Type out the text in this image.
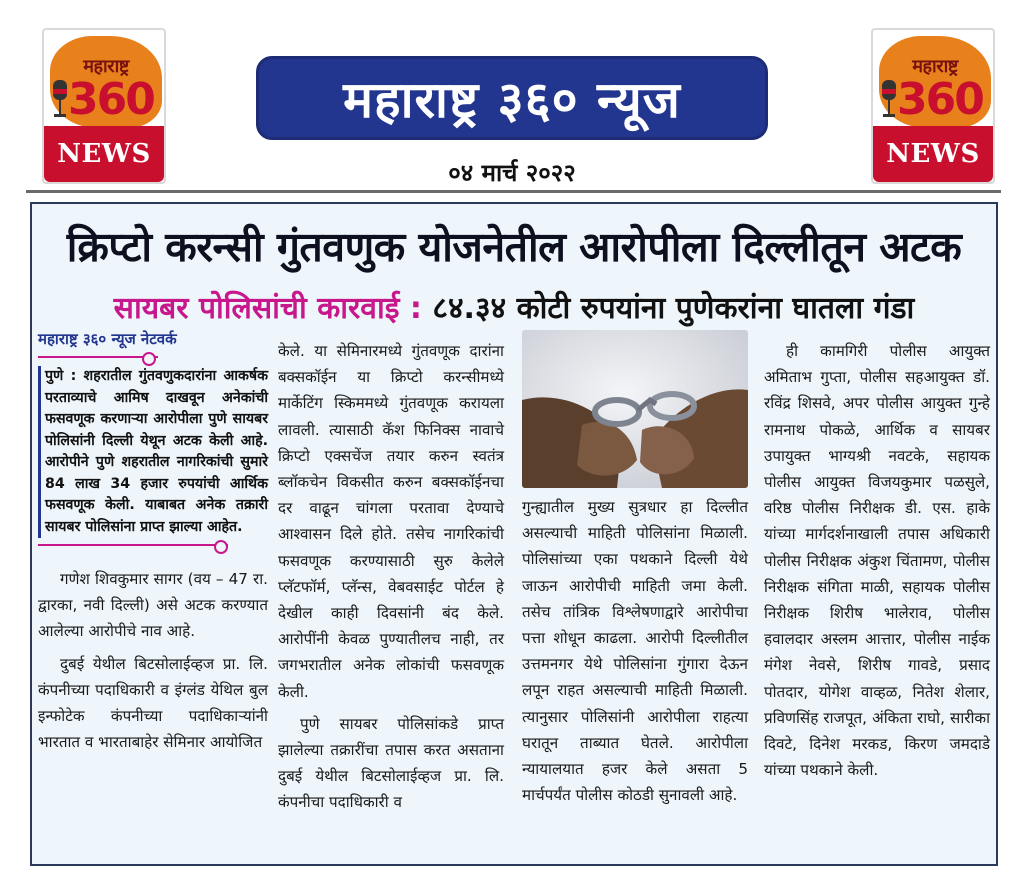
महाराष्ट्र
360
NEWS
महाराष्ट्र ३६० न्यूज
०४ मार्च २०२२
महाराष्ट्र
360
NEWS
क्रिप्टो करन्सी गुंतवणुक योजनेतील आरोपीला दिल्लीतून अटक
सायबर पोलिसांची कारवाई : ८४.३४ कोटी रुपयांना पुणेकरांना घातला गंडा
महाराष्ट्र ३६० न्यूज नेटवर्क

पुणे : शहरातील गुंतवणुकदारांना आकर्षक परताव्याचे आमिष दाखवून अनेकांची फसवणूक करणाऱ्या आरोपीला पुणे सायबर पोलिसांनी दिल्ली येथून अटक केली आहे. आरोपीने पुणे शहरातील नागरिकांची सुमारे 84 लाख 34 हजार रुपयांची आर्थिक फसवणूक केली. याबाबत अनेक तक्रारी सायबर पोलिसांना प्राप्त झाल्या आहेत.

गणेश शिवकुमार सागर (वय – 47 रा. द्वारका, नवी दिल्ली) असे अटक करण्यात आलेल्या आरोपीचे नाव आहे.

दुबई येथील बिटसोलाईव्हज प्रा. लि. कंपनीच्या पदाधिकारी व इंग्लंड येथिल बुल इन्फोटेक कंपनीच्या पदाधिकाऱ्यांनी भारतात व भारताबाहेर सेमिनार आयोजित

केले. या सेमिनारमध्ये गुंतवणूक दारांना बक्सकॉईन या क्रिप्टो करन्सीमध्ये मार्केटिंग स्किममध्ये गुंतवणूक करायला लावली. त्यासाठी कॅश फिनिक्स नावाचे क्रिप्टो एक्सचेंज तयार करुन स्वतंत्र ब्लॉकचेन विकसीत करुन बक्सकॉईनचा दर वाढून चांगला परतावा देण्याचे आश्वासन दिले होते. तसेच नागरिकांची फसवणूक करण्यासाठी सुरु केलेले प्लॅटफॉर्म, प्लॅन्स, वेबवसाईट पोर्टल हे देखील काही दिवसांनी बंद केले. आरोपींनी केवळ पुण्यातीलच नाही, तर जगभरातील अनेक लोकांची फसवणूक केली.

पुणे सायबर पोलिसांकडे प्राप्त झालेल्या तक्रारींचा तपास करत असताना दुबई येथील बिटसोलाईव्हज प्रा. लि. कंपनीचा पदाधिकारी व

गुन्ह्यातील मुख्य सुत्रधार हा दिल्लीत असल्याची माहिती पोलिसांना मिळाली. पोलिसांच्या एका पथकाने दिल्ली येथे जाऊन आरोपीची माहिती जमा केली. तसेच तांत्रिक विश्लेषणाद्वारे आरोपीचा पत्ता शोधून काढला. आरोपी दिल्लीतील उत्तमनगर येथे पोलिसांना गुंगारा देऊन लपून राहत असल्याची माहिती मिळाली. त्यानुसार पोलिसांनी आरोपीला राहत्या घरातून ताब्यात घेतले. आरोपीला न्यायालयात हजर केले असता 5 मार्चपर्यंत पोलीस कोठडी सुनावली आहे.

ही कामगिरी पोलीस आयुक्त अमिताभ गुप्ता, पोलीस सहआयुक्त डॉ. रविंद्र शिसवे, अपर पोलीस आयुक्त गुन्हे रामनाथ पोकळे, आर्थिक व सायबर उपायुक्त भाग्यश्री नवटके, सहायक पोलीस आयुक्त विजयकुमार पळसुले, वरिष्ठ पोलीस निरीक्षक डी. एस. हाके यांच्या मार्गदर्शनाखाली तपास अधिकारी पोलीस निरीक्षक अंकुश चिंतामण, पोलीस निरीक्षक संगिता माळी, सहायक पोलीस निरीक्षक शिरीष भालेराव, पोलीस हवालदार अस्लम आत्तार, पोलीस नाईक मंगेश नेवसे, शिरीष गावडे, प्रसाद पोतदार, योगेश वाव्हळ, नितेश शेलार, प्रविणसिंह राजपूत, अंकिता राघो, सारीका दिवटे, दिनेश मरकड, किरण जमदाडे यांच्या पथकाने केली.
